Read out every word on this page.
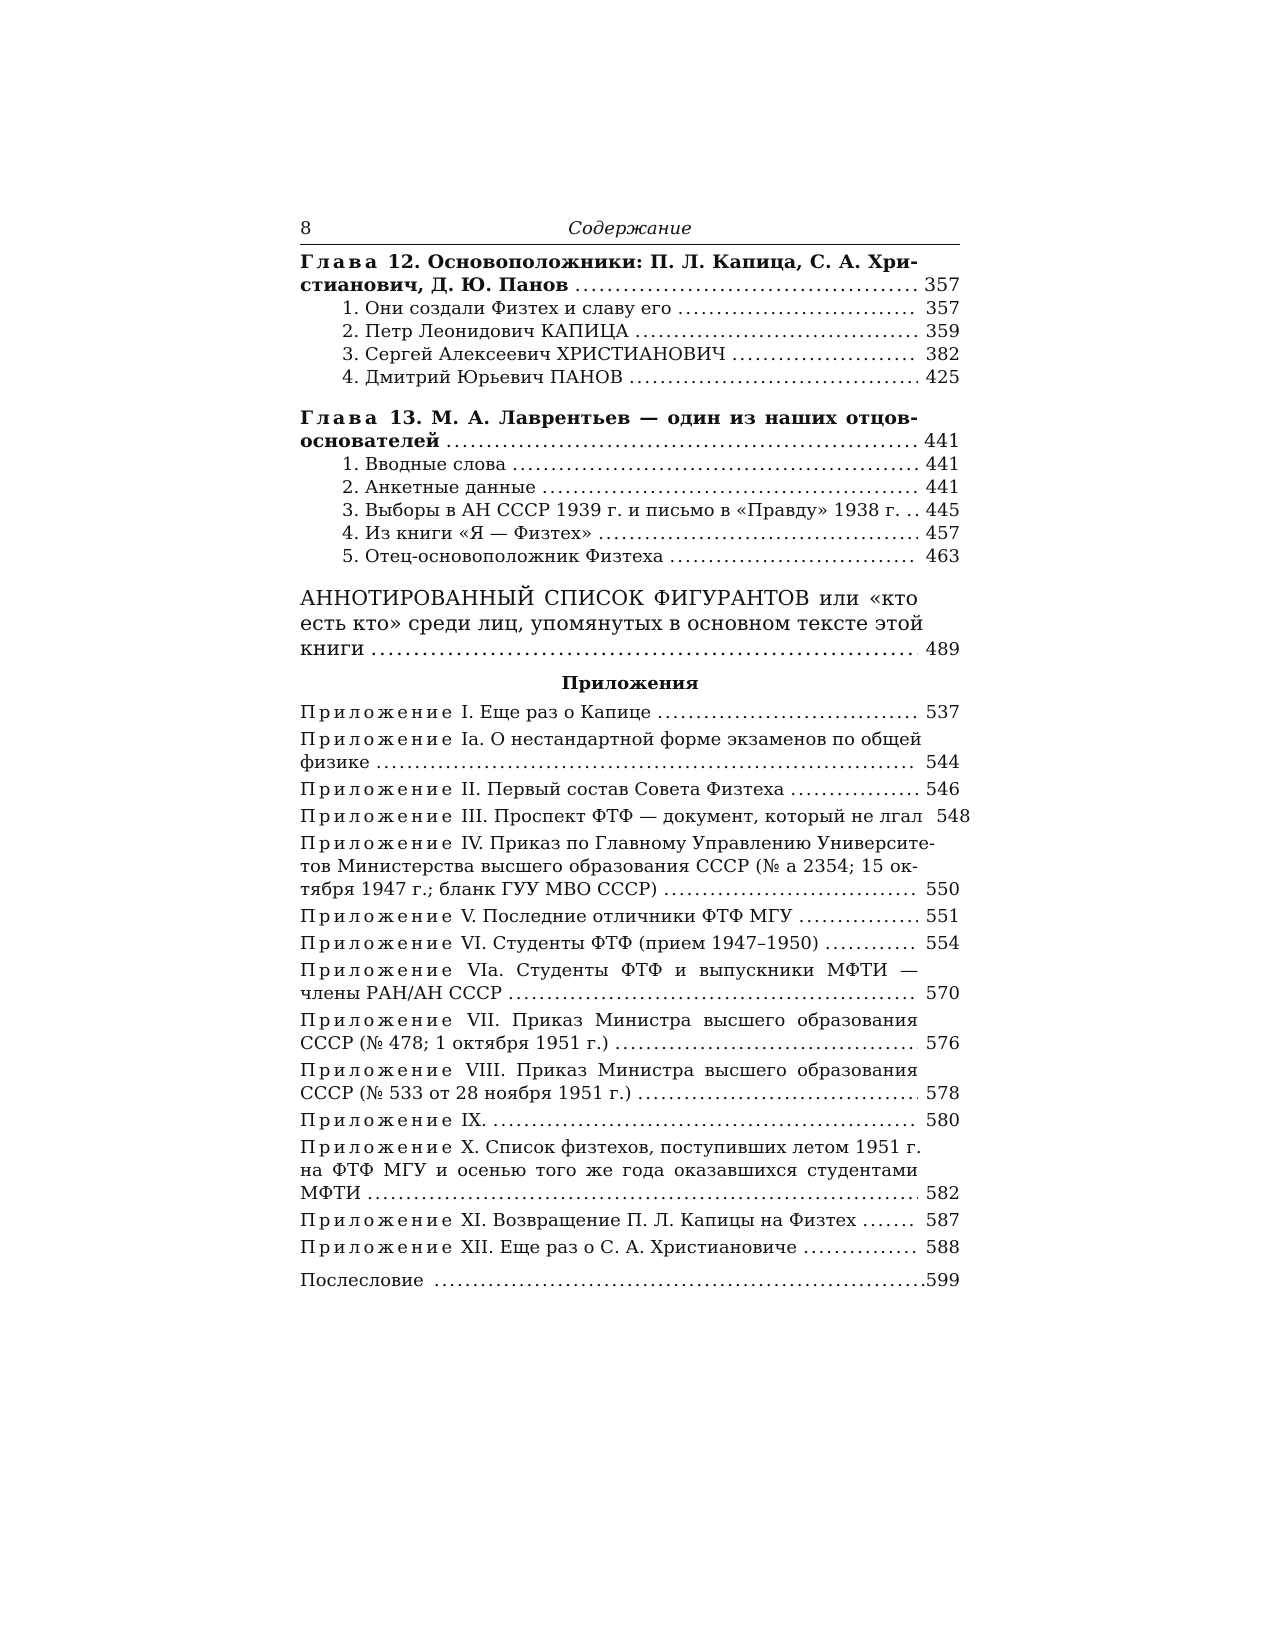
8	Содержание
Глава 12. Основоположники: П. Л. Капица, С. А. Хри-
стианович, Д. Ю. Панов .....	357
1. Они создали Физтех и славу его .....	357
2. Петр Леонидович КАПИЦА .....	359
3. Сергей Алексеевич ХРИСТИАНОВИЧ .....	382
4. Дмитрий Юрьевич ПАНОВ .....	425
Глава 13. М. А. Лаврентьев — один из наших отцов-
основателей .....	441
1. Вводные слова .....	441
2. Анкетные данные .....	441
3. Выборы в АН СССР 1939 г. и письмо в «Правду» 1938 г. ..... 445
4. Из книги «Я — Физтех» .....	457
5. Отец-основоположник Физтеха .....	463
АННОТИРОВАННЫЙ СПИСОК ФИГУРАНТОВ или «кто
есть кто» среди лиц, упомянутых в основном тексте этой
книги .....	489
Приложения
Приложение I. Еще раз о Капице .....	537
Приложение Ia. О нестандартной форме экзаменов по общей
физике .....	544
Приложение II. Первый состав Совета Физтеха .....	546
Приложение III. Проспект ФТФ — документ, который не лгал 548
Приложение IV. Приказ по Главному Управлению Университе-
тов Министерства высшего образования СССР (№ а 2354; 15 ок-
тября 1947 г.; бланк ГУУ МВО СССР) .....	550
Приложение V. Последние отличники ФТФ МГУ .....	551
Приложение VI. Студенты ФТФ (прием 1947–1950) .....	554
Приложение VIa. Студенты ФТФ и выпускники МФТИ —
члены РАН/АН СССР .....	570
Приложение VII. Приказ Министра высшего образования
СССР (№ 478; 1 октября 1951 г.) .....	576
Приложение VIII. Приказ Министра высшего образования
СССР (№ 533 от 28 ноября 1951 г.) .....	578
Приложение IX. .....	580
Приложение X. Список физтехов, поступивших летом 1951 г.
на ФТФ МГУ и осенью того же года оказавшихся студентами
МФТИ .....	582
Приложение XI. Возвращение П. Л. Капицы на Физтех .....	587
Приложение XII. Еще раз о С. А. Христиановиче .....	588
Послесловие .....	599
